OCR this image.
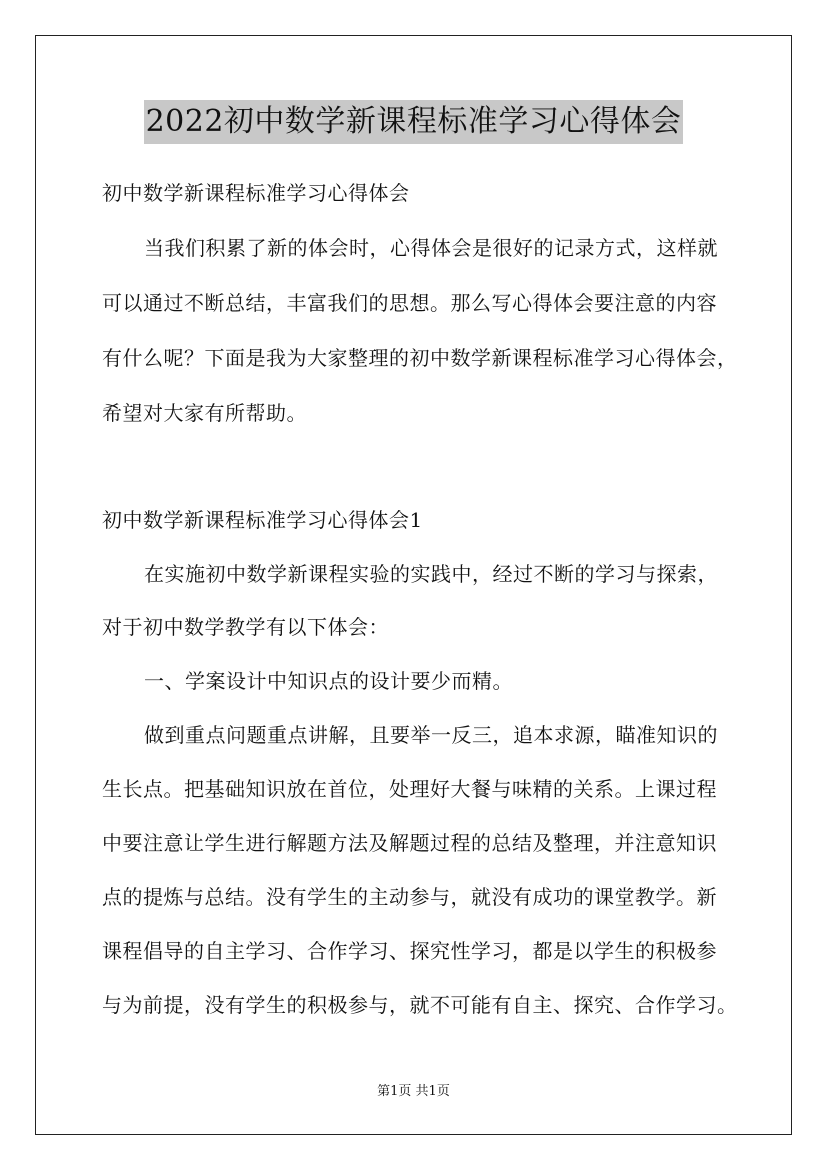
2022初中数学新课程标准学习心得体会
初中数学新课程标准学习心得体会
当我们积累了新的体会时，心得体会是很好的记录方式，这样就
可以通过不断总结，丰富我们的思想。那么写心得体会要注意的内容
有什么呢？下面是我为大家整理的初中数学新课程标准学习心得体会，
希望对大家有所帮助。
初中数学新课程标准学习心得体会1
在实施初中数学新课程实验的实践中，经过不断的学习与探索，
对于初中数学教学有以下体会：
一、学案设计中知识点的设计要少而精。
做到重点问题重点讲解，且要举一反三，追本求源，瞄准知识的
生长点。把基础知识放在首位，处理好大餐与味精的关系。上课过程
中要注意让学生进行解题方法及解题过程的总结及整理，并注意知识
点的提炼与总结。没有学生的主动参与，就没有成功的课堂教学。新
课程倡导的自主学习、合作学习、探究性学习，都是以学生的积极参
与为前提，没有学生的积极参与，就不可能有自主、探究、合作学习。
第1页 共1页
